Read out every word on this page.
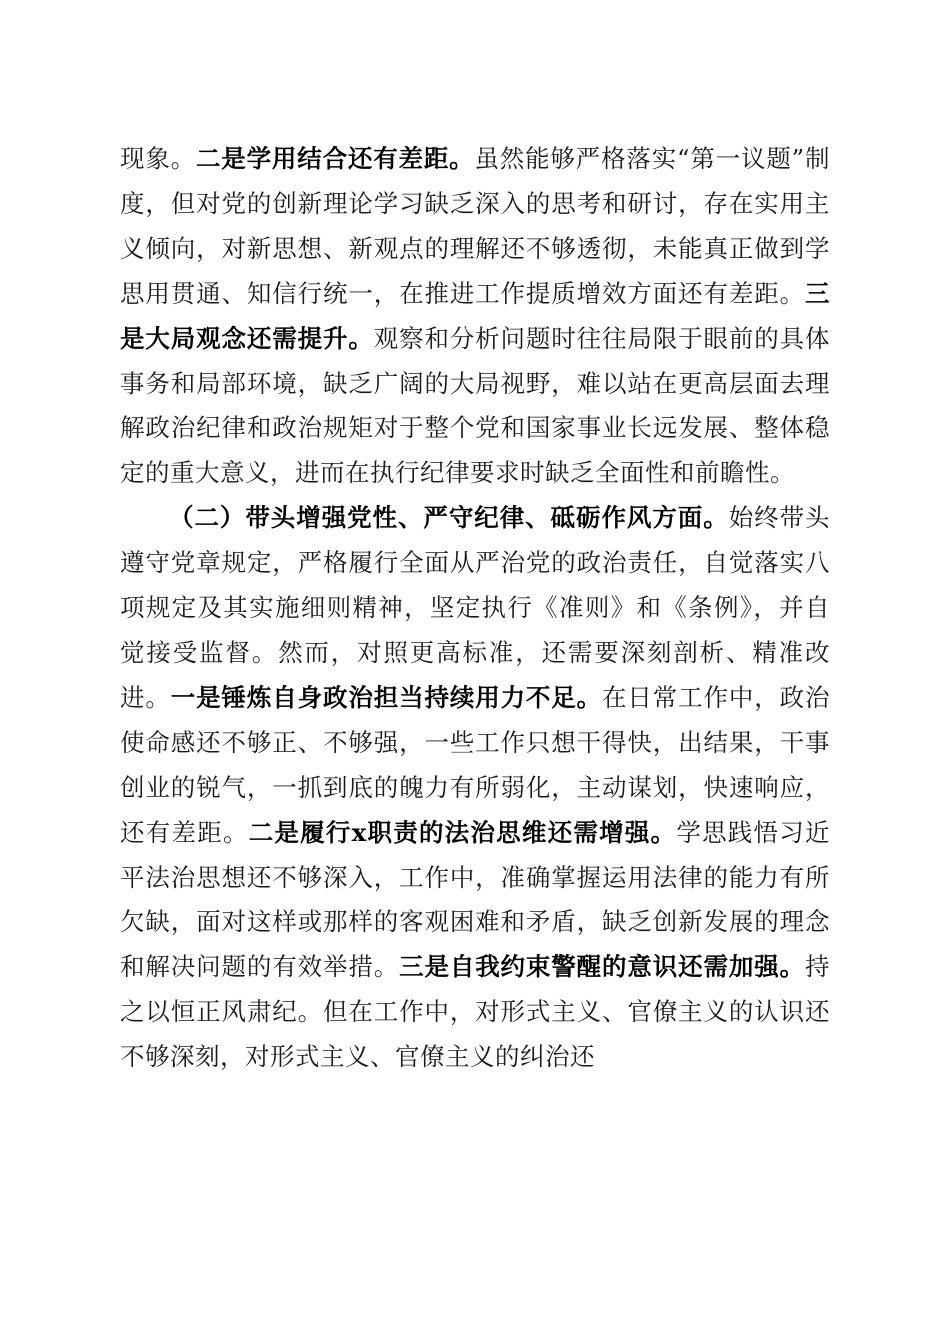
现象。二是学用结合还有差距。虽然能够严格落实“第一议题”制度，但对党的创新理论学习缺乏深入的思考和研讨，存在实用主义倾向，对新思想、新观点的理解还不够透彻，未能真正做到学思用贯通、知信行统一，在推进工作提质增效方面还有差距。三是大局观念还需提升。观察和分析问题时往往局限于眼前的具体事务和局部环境，缺乏广阔的大局视野，难以站在更高层面去理解政治纪律和政治规矩对于整个党和国家事业长远发展、整体稳定的重大意义，进而在执行纪律要求时缺乏全面性和前瞻性。

（二）带头增强党性、严守纪律、砥砺作风方面。始终带头遵守党章规定，严格履行全面从严治党的政治责任，自觉落实八项规定及其实施细则精神，坚定执行《准则》和《条例》，并自觉接受监督。然而，对照更高标准，还需要深刻剖析、精准改进。一是锤炼自身政治担当持续用力不足。在日常工作中，政治使命感还不够正、不够强，一些工作只想干得快，出结果，干事创业的锐气，一抓到底的魄力有所弱化，主动谋划，快速响应，还有差距。二是履行x职责的法治思维还需增强。学思践悟习近平法治思想还不够深入，工作中，准确掌握运用法律的能力有所欠缺，面对这样或那样的客观困难和矛盾，缺乏创新发展的理念和解决问题的有效举措。三是自我约束警醒的意识还需加强。持之以恒正风肃纪。但在工作中，对形式主义、官僚主义的认识还不够深刻，对形式主义、官僚主义的纠治还
